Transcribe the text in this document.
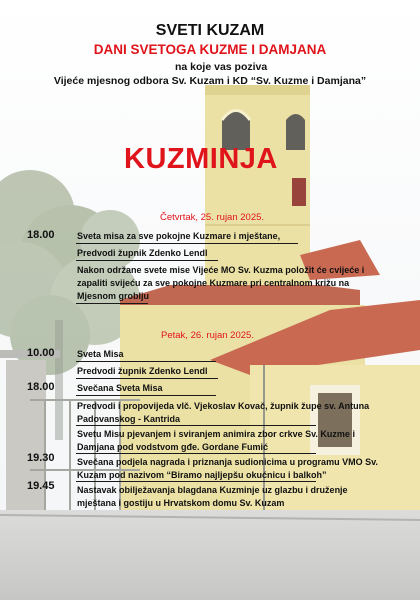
SVETI KUZAM
DANI SVETOGA KUZME I DAMJANA
na koje vas poziva
Vijeće mjesnog odbora Sv. Kuzam i KD “Sv. Kuzme i Damjana”
KUZMINJA
Četvrtak, 25. rujan 2025.
18.00 Sveta misa za sve pokojne Kuzmare i mještane,
Predvodi župnik Zdenko Lendl
Nakon održane svete mise Vijeće MO Sv. Kuzma položit će cvijeće i
zapaliti svijeću za sve pokojne Kuzmare pri centralnom križu na
Mjesnom groblju
Petak, 26. rujan 2025.
10.00 Sveta Misa
Predvodi župnik Zdenko Lendl
18.00 Svečana Sveta Misa
Predvodi i propovijeda vlč. Vjekoslav Kovač, župnik župe sv. Antuna
Padovanskog - Kantrida
Svetu Misu pjevanjem i sviranjem animira zbor crkve Sv. Kuzme i
Damjana pod vodstvom gđe. Gordane Fumić
19.30 Svečana podjela nagrada i priznanja sudionicima u programu VMO Sv.
Kuzam pod nazivom “Biramo najljepšu okućnicu i balkoh”
19.45 Nastavak obilježavanja blagdana Kuzminje uz glazbu i druženje
mještana i gostiju u Hrvatskom domu Sv. Kuzam
